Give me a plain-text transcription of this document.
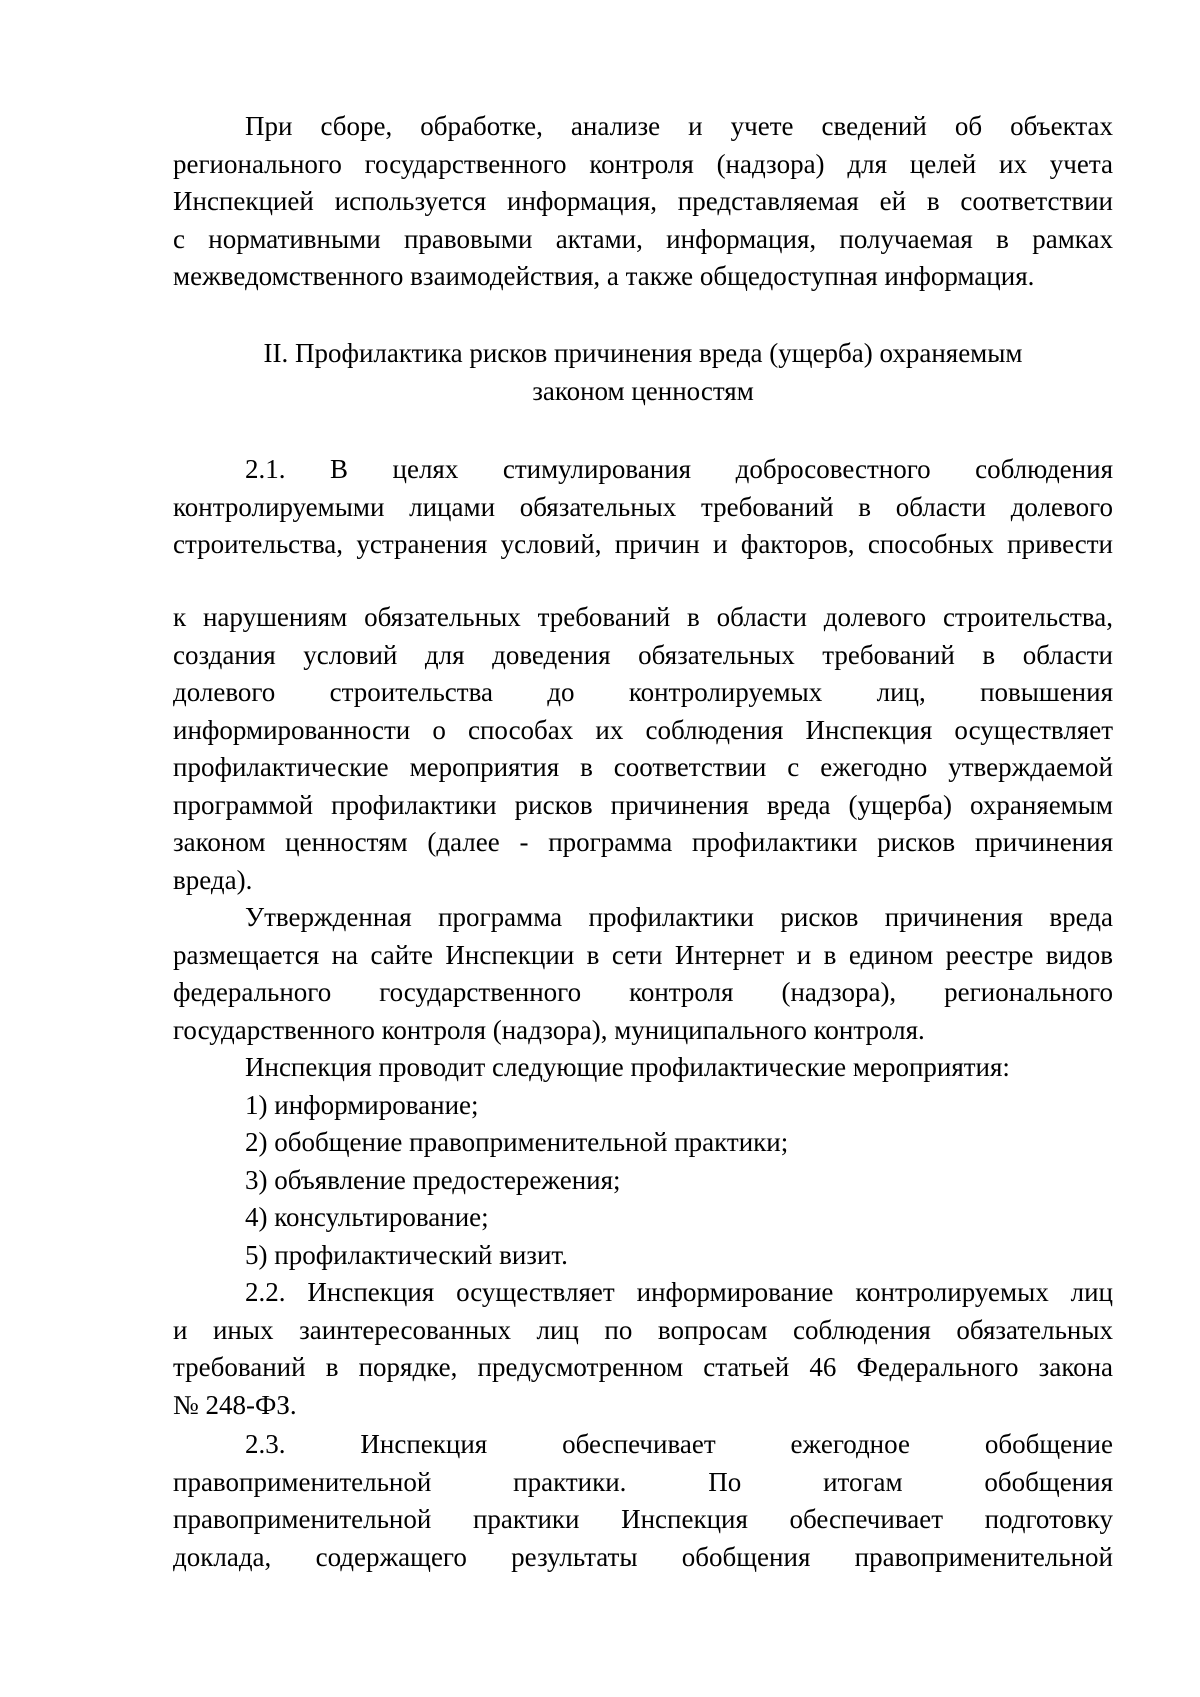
При сборе, обработке, анализе и учете сведений об объектах
регионального государственного контроля (надзора) для целей их учета
Инспекцией используется информация, представляемая ей в соответствии
с нормативными правовыми актами, информация, получаемая в рамках
межведомственного взаимодействия, а также общедоступная информация.
II. Профилактика рисков причинения вреда (ущерба) охраняемым
законом ценностям
2.1. В целях стимулирования добросовестного соблюдения
контролируемыми лицами обязательных требований в области долевого
строительства, устранения условий, причин и факторов, способных привести
к нарушениям обязательных требований в области долевого строительства,
создания условий для доведения обязательных требований в области
долевого строительства до контролируемых лиц, повышения
информированности о способах их соблюдения Инспекция осуществляет
профилактические мероприятия в соответствии с ежегодно утверждаемой
программой профилактики рисков причинения вреда (ущерба) охраняемым
законом ценностям (далее - программа профилактики рисков причинения
вреда).
Утвержденная программа профилактики рисков причинения вреда
размещается на сайте Инспекции в сети Интернет и в едином реестре видов
федерального государственного контроля (надзора), регионального
государственного контроля (надзора), муниципального контроля.
Инспекция проводит следующие профилактические мероприятия:
1) информирование;
2) обобщение правоприменительной практики;
3) объявление предостережения;
4) консультирование;
5) профилактический визит.
2.2. Инспекция осуществляет информирование контролируемых лиц
и иных заинтересованных лиц по вопросам соблюдения обязательных
требований в порядке, предусмотренном статьей 46 Федерального закона
№ 248-ФЗ.
2.3. Инспекция обеспечивает ежегодное обобщение
правоприменительной практики. По итогам обобщения
правоприменительной практики Инспекция обеспечивает подготовку
доклада, содержащего результаты обобщения правоприменительной
